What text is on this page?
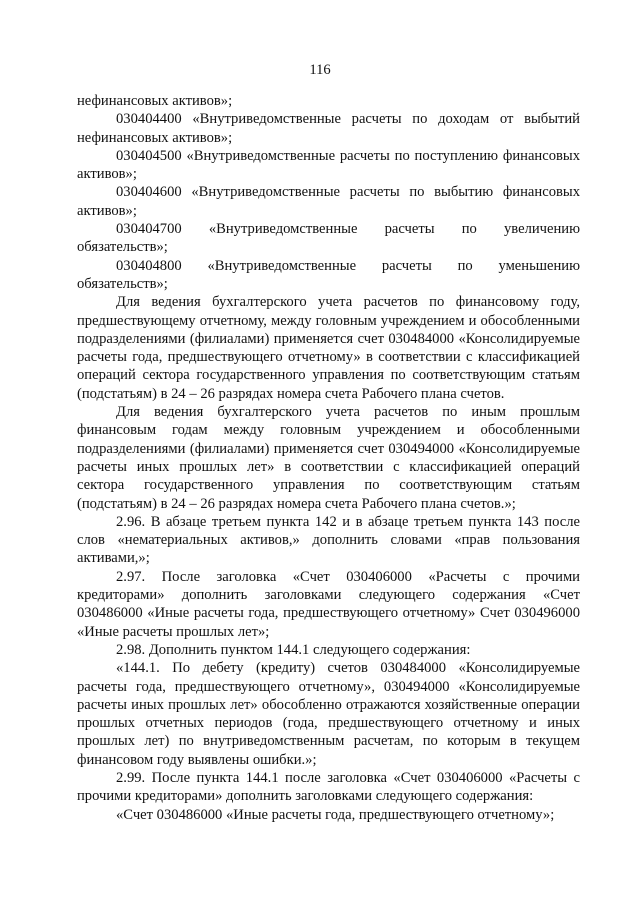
116

нефинансовых активов»;

030404400 «Внутриведомственные расчеты по доходам от выбытий нефинансовых активов»;

030404500 «Внутриведомственные расчеты по поступлению финансовых активов»;

030404600 «Внутриведомственные расчеты по выбытию финансовых активов»;

030404700 «Внутриведомственные расчеты по увеличению обязательств»;

030404800 «Внутриведомственные расчеты по уменьшению обязательств»;

Для ведения бухгалтерского учета расчетов по финансовому году, предшествующему отчетному, между головным учреждением и обособленными подразделениями (филиалами) применяется счет 030484000 «Консолидируемые расчеты года, предшествующего отчетному» в соответствии с классификацией операций сектора государственного управления по соответствующим статьям (подстатьям) в 24 – 26 разрядах номера счета Рабочего плана счетов.

Для ведения бухгалтерского учета расчетов по иным прошлым финансовым годам между головным учреждением и обособленными подразделениями (филиалами) применяется счет 030494000 «Консолидируемые расчеты иных прошлых лет» в соответствии с классификацией операций сектора государственного управления по соответствующим статьям (подстатьям) в 24 – 26 разрядах номера счета Рабочего плана счетов.»;

2.96. В абзаце третьем пункта 142 и в абзаце третьем пункта 143 после слов «нематериальных активов,» дополнить словами «прав пользования активами,»;

2.97. После заголовка «Счет 030406000 «Расчеты с прочими кредиторами» дополнить заголовками следующего содержания «Счет 030486000 «Иные расчеты года, предшествующего отчетному» Счет 030496000 «Иные расчеты прошлых лет»;

2.98. Дополнить пунктом 144.1 следующего содержания:

«144.1. По дебету (кредиту) счетов 030484000 «Консолидируемые расчеты года, предшествующего отчетному», 030494000 «Консолидируемые расчеты иных прошлых лет» обособленно отражаются хозяйственные операции прошлых отчетных периодов (года, предшествующего отчетному и иных прошлых лет) по внутриведомственным расчетам, по которым в текущем финансовом году выявлены ошибки.»;

2.99. После пункта 144.1 после заголовка «Счет 030406000 «Расчеты с прочими кредиторами» дополнить заголовками следующего содержания:

«Счет 030486000 «Иные расчеты года, предшествующего отчетному»;
